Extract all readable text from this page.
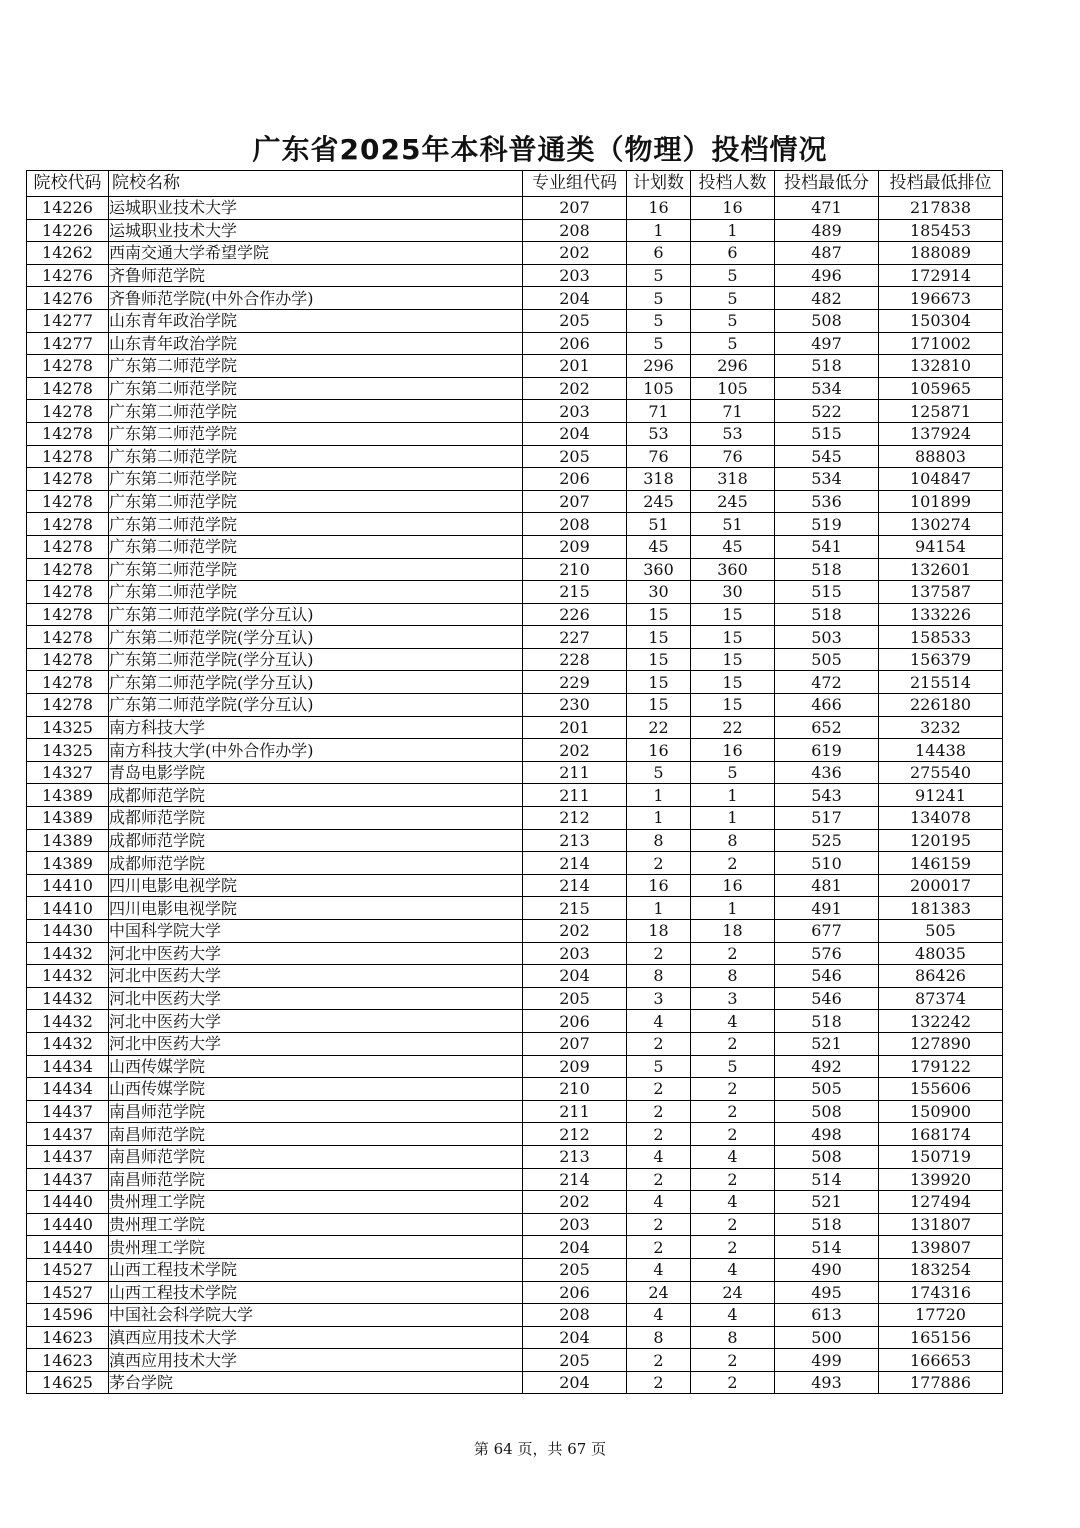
广东省2025年本科普通类（物理）投档情况
院校代码	院校名称	专业组代码	计划数	投档人数	投档最低分	投档最低排位
14226	运城职业技术大学	207	16	16	471	217838
14226	运城职业技术大学	208	1	1	489	185453
14262	西南交通大学希望学院	202	6	6	487	188089
14276	齐鲁师范学院	203	5	5	496	172914
14276	齐鲁师范学院(中外合作办学)	204	5	5	482	196673
14277	山东青年政治学院	205	5	5	508	150304
14277	山东青年政治学院	206	5	5	497	171002
14278	广东第二师范学院	201	296	296	518	132810
14278	广东第二师范学院	202	105	105	534	105965
14278	广东第二师范学院	203	71	71	522	125871
14278	广东第二师范学院	204	53	53	515	137924
14278	广东第二师范学院	205	76	76	545	88803
14278	广东第二师范学院	206	318	318	534	104847
14278	广东第二师范学院	207	245	245	536	101899
14278	广东第二师范学院	208	51	51	519	130274
14278	广东第二师范学院	209	45	45	541	94154
14278	广东第二师范学院	210	360	360	518	132601
14278	广东第二师范学院	215	30	30	515	137587
14278	广东第二师范学院(学分互认)	226	15	15	518	133226
14278	广东第二师范学院(学分互认)	227	15	15	503	158533
14278	广东第二师范学院(学分互认)	228	15	15	505	156379
14278	广东第二师范学院(学分互认)	229	15	15	472	215514
14278	广东第二师范学院(学分互认)	230	15	15	466	226180
14325	南方科技大学	201	22	22	652	3232
14325	南方科技大学(中外合作办学)	202	16	16	619	14438
14327	青岛电影学院	211	5	5	436	275540
14389	成都师范学院	211	1	1	543	91241
14389	成都师范学院	212	1	1	517	134078
14389	成都师范学院	213	8	8	525	120195
14389	成都师范学院	214	2	2	510	146159
14410	四川电影电视学院	214	16	16	481	200017
14410	四川电影电视学院	215	1	1	491	181383
14430	中国科学院大学	202	18	18	677	505
14432	河北中医药大学	203	2	2	576	48035
14432	河北中医药大学	204	8	8	546	86426
14432	河北中医药大学	205	3	3	546	87374
14432	河北中医药大学	206	4	4	518	132242
14432	河北中医药大学	207	2	2	521	127890
14434	山西传媒学院	209	5	5	492	179122
14434	山西传媒学院	210	2	2	505	155606
14437	南昌师范学院	211	2	2	508	150900
14437	南昌师范学院	212	2	2	498	168174
14437	南昌师范学院	213	4	4	508	150719
14437	南昌师范学院	214	2	2	514	139920
14440	贵州理工学院	202	4	4	521	127494
14440	贵州理工学院	203	2	2	518	131807
14440	贵州理工学院	204	2	2	514	139807
14527	山西工程技术学院	205	4	4	490	183254
14527	山西工程技术学院	206	24	24	495	174316
14596	中国社会科学院大学	208	4	4	613	17720
14623	滇西应用技术大学	204	8	8	500	165156
14623	滇西应用技术大学	205	2	2	499	166653
14625	茅台学院	204	2	2	493	177886
第 64 页，共 67 页
